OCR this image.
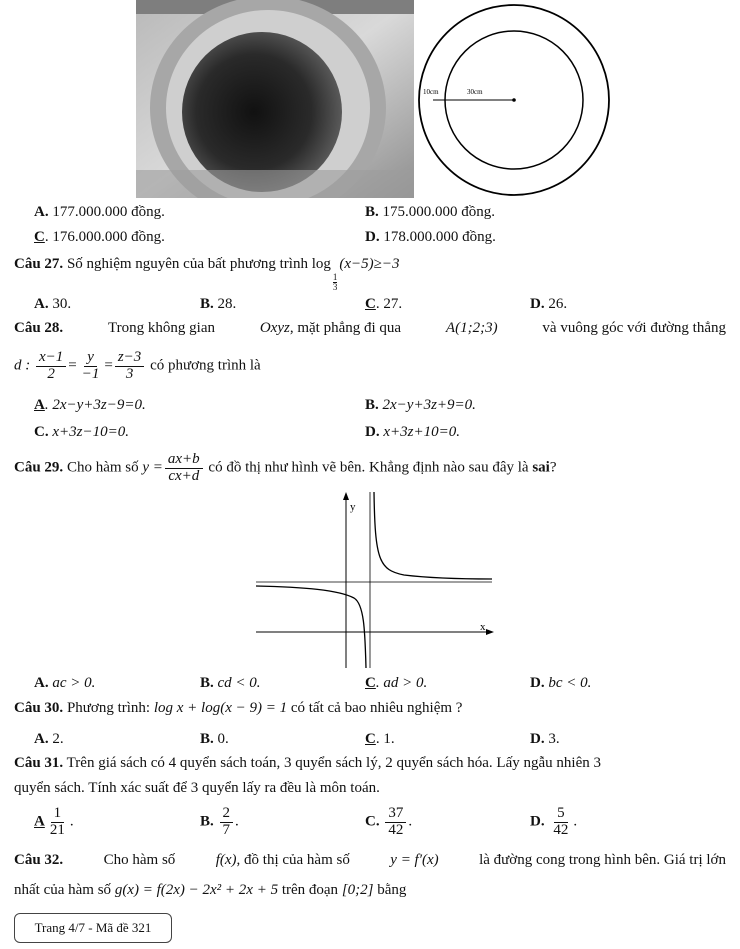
10cm	30cm
A. 177.000.000 đồng.	B. 175.000.000 đồng.
C. 176.000.000 đồng.	D. 178.000.000 đồng.
Câu 27. Số nghiệm nguyên của bất phương trình log
$\frac{1}{3}$
(x−5)≥−3
A. 30.	B. 28.	C. 27.	D. 26.
Câu 28.	Trong không gian	Oxyz, mặt phẳng đi qua	A(1;2;3)	và vuông góc với đường thẳng
d : $\frac{x-1}{2} = \frac{y}{-1} = \frac{z-3}{3}$ có phương trình là
A. 2x−y+3z−9=0.	B. 2x−y+3z+9=0.
C. x+3z−10=0.	D. x+3z+10=0.
Câu 29. Cho hàm số $y = \frac{ax+b}{cx+d}$ có đồ thị như hình vẽ bên. Khẳng định nào sau đây là sai?
y
x
A. ac > 0.	B. cd < 0.	C. ad > 0.	D. bc < 0.
Câu 30. Phương trình: log x + log(x − 9) = 1 có tất cả bao nhiêu nghiệm ?
A. 2.	B. 0.	C. 1.	D. 3.
Câu 31. Trên giá sách có 4 quyển sách toán, 3 quyển sách lý, 2 quyển sách hóa. Lấy ngẫu nhiên 3
quyển sách. Tính xác suất để 3 quyển lấy ra đều là môn toán.
A $\frac{1}{21}$ .	B. $\frac{2}{7}$ .	C. $\frac{37}{42}$ .	D. $\frac{5}{42}$ .
Câu 32.	Cho hàm số	f(x), đồ thị của hàm số	y = f′(x)	là đường cong trong hình bên. Giá trị lớn
nhất của hàm số g(x) = f(2x) − 2x² + 2x + 5 trên đoạn [0;2] bằng
Trang 4/7 - Mã đề 321
